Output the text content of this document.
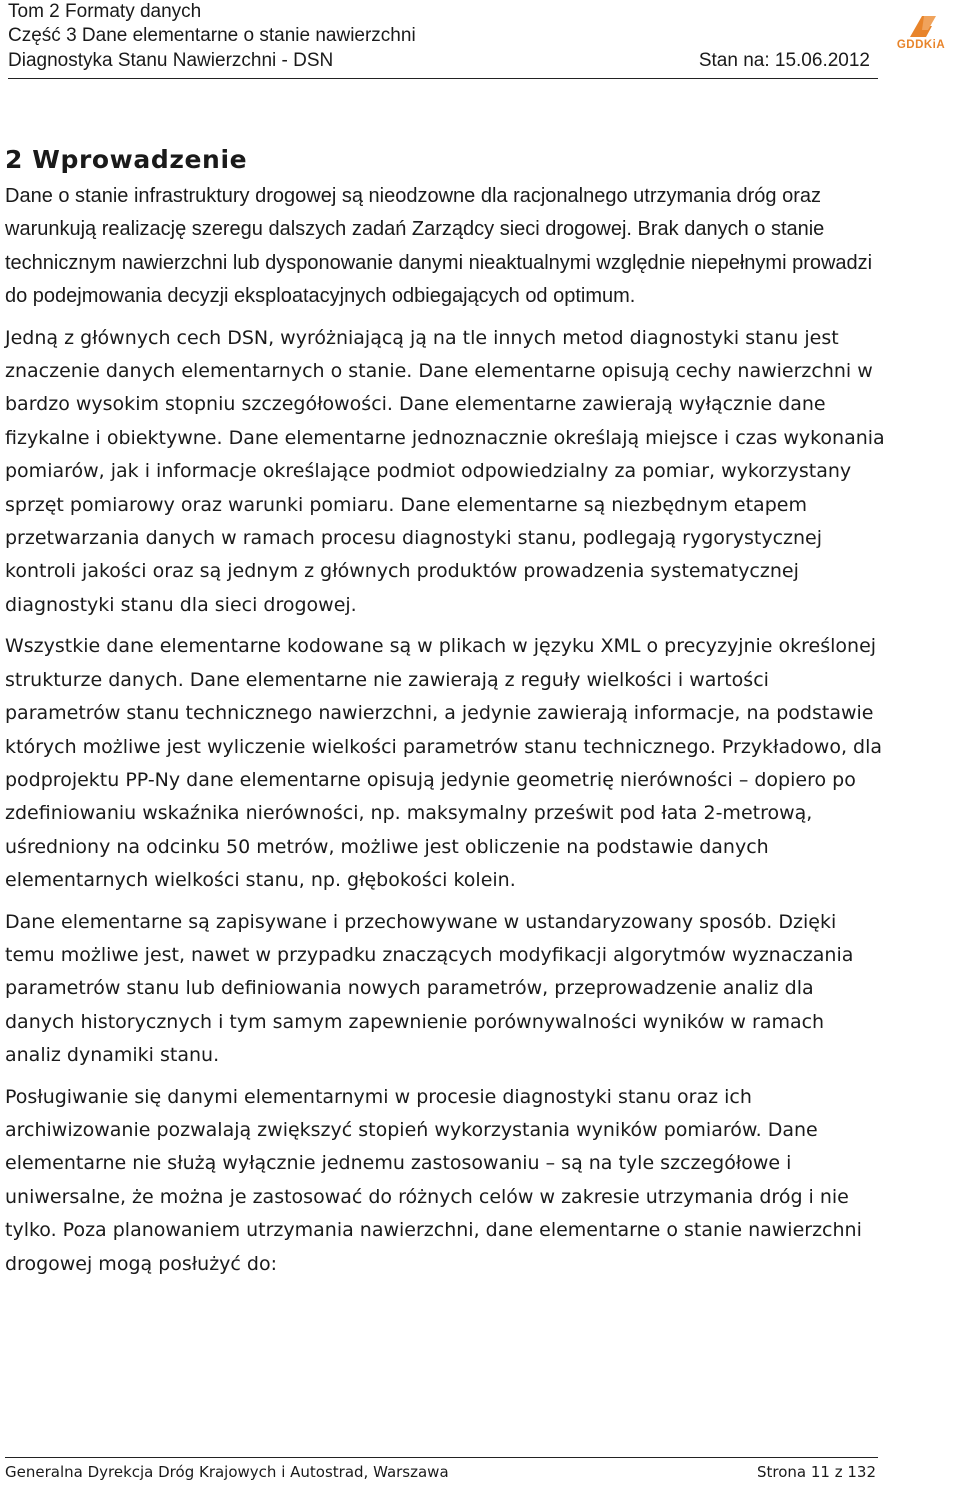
Tom 2 Formaty danych
Część 3 Dane elementarne o stanie nawierzchni
Diagnostyka Stanu Nawierzchni - DSN	Stan na: 15.06.2012
GDDKiA
2 Wprowadzenie

Dane o stanie infrastruktury drogowej są nieodzowne dla racjonalnego utrzymania dróg oraz warunkują realizację szeregu dalszych zadań Zarządcy sieci drogowej. Brak danych o stanie technicznym nawierzchni lub dysponowanie danymi nieaktualnymi względnie niepełnymi prowadzi do podejmowania decyzji eksploatacyjnych odbiegających od optimum.

Jedną z głównych cech DSN, wyróżniającą ją na tle innych metod diagnostyki stanu jest znaczenie danych elementarnych o stanie. Dane elementarne opisują cechy nawierzchni w bardzo wysokim stopniu szczegółowości. Dane elementarne zawierają wyłącznie dane fizykalne i obiektywne. Dane elementarne jednoznacznie określają miejsce i czas wykonania pomiarów, jak i informacje określające podmiot odpowiedzialny za pomiar, wykorzystany sprzęt pomiarowy oraz warunki pomiaru. Dane elementarne są niezbędnym etapem przetwarzania danych w ramach procesu diagnostyki stanu, podlegają rygorystycznej kontroli jakości oraz są jednym z głównych produktów prowadzenia systematycznej diagnostyki stanu dla sieci drogowej.

Wszystkie dane elementarne kodowane są w plikach w języku XML o precyzyjnie określonej strukturze danych. Dane elementarne nie zawierają z reguły wielkości i wartości parametrów stanu technicznego nawierzchni, a jedynie zawierają informacje, na podstawie których możliwe jest wyliczenie wielkości parametrów stanu technicznego. Przykładowo, dla podprojektu PP-Ny dane elementarne opisują jedynie geometrię nierówności – dopiero po zdefiniowaniu wskaźnika nierówności, np. maksymalny prześwit pod łata 2-metrową, uśredniony na odcinku 50 metrów, możliwe jest obliczenie na podstawie danych elementarnych wielkości stanu, np. głębokości kolein.

Dane elementarne są zapisywane i przechowywane w ustandaryzowany sposób. Dzięki temu możliwe jest, nawet w przypadku znaczących modyfikacji algorytmów wyznaczania parametrów stanu lub definiowania nowych parametrów, przeprowadzenie analiz dla danych historycznych i tym samym zapewnienie porównywalności wyników w ramach analiz dynamiki stanu.

Posługiwanie się danymi elementarnymi w procesie diagnostyki stanu oraz ich archiwizowanie pozwalają zwiększyć stopień wykorzystania wyników pomiarów. Dane elementarne nie służą wyłącznie jednemu zastosowaniu – są na tyle szczegółowe i uniwersalne, że można je zastosować do różnych celów w zakresie utrzymania dróg i nie tylko. Poza planowaniem utrzymania nawierzchni, dane elementarne o stanie nawierzchni drogowej mogą posłużyć do:

Generalna Dyrekcja Dróg Krajowych i Autostrad, Warszawa	Strona 11 z 132
